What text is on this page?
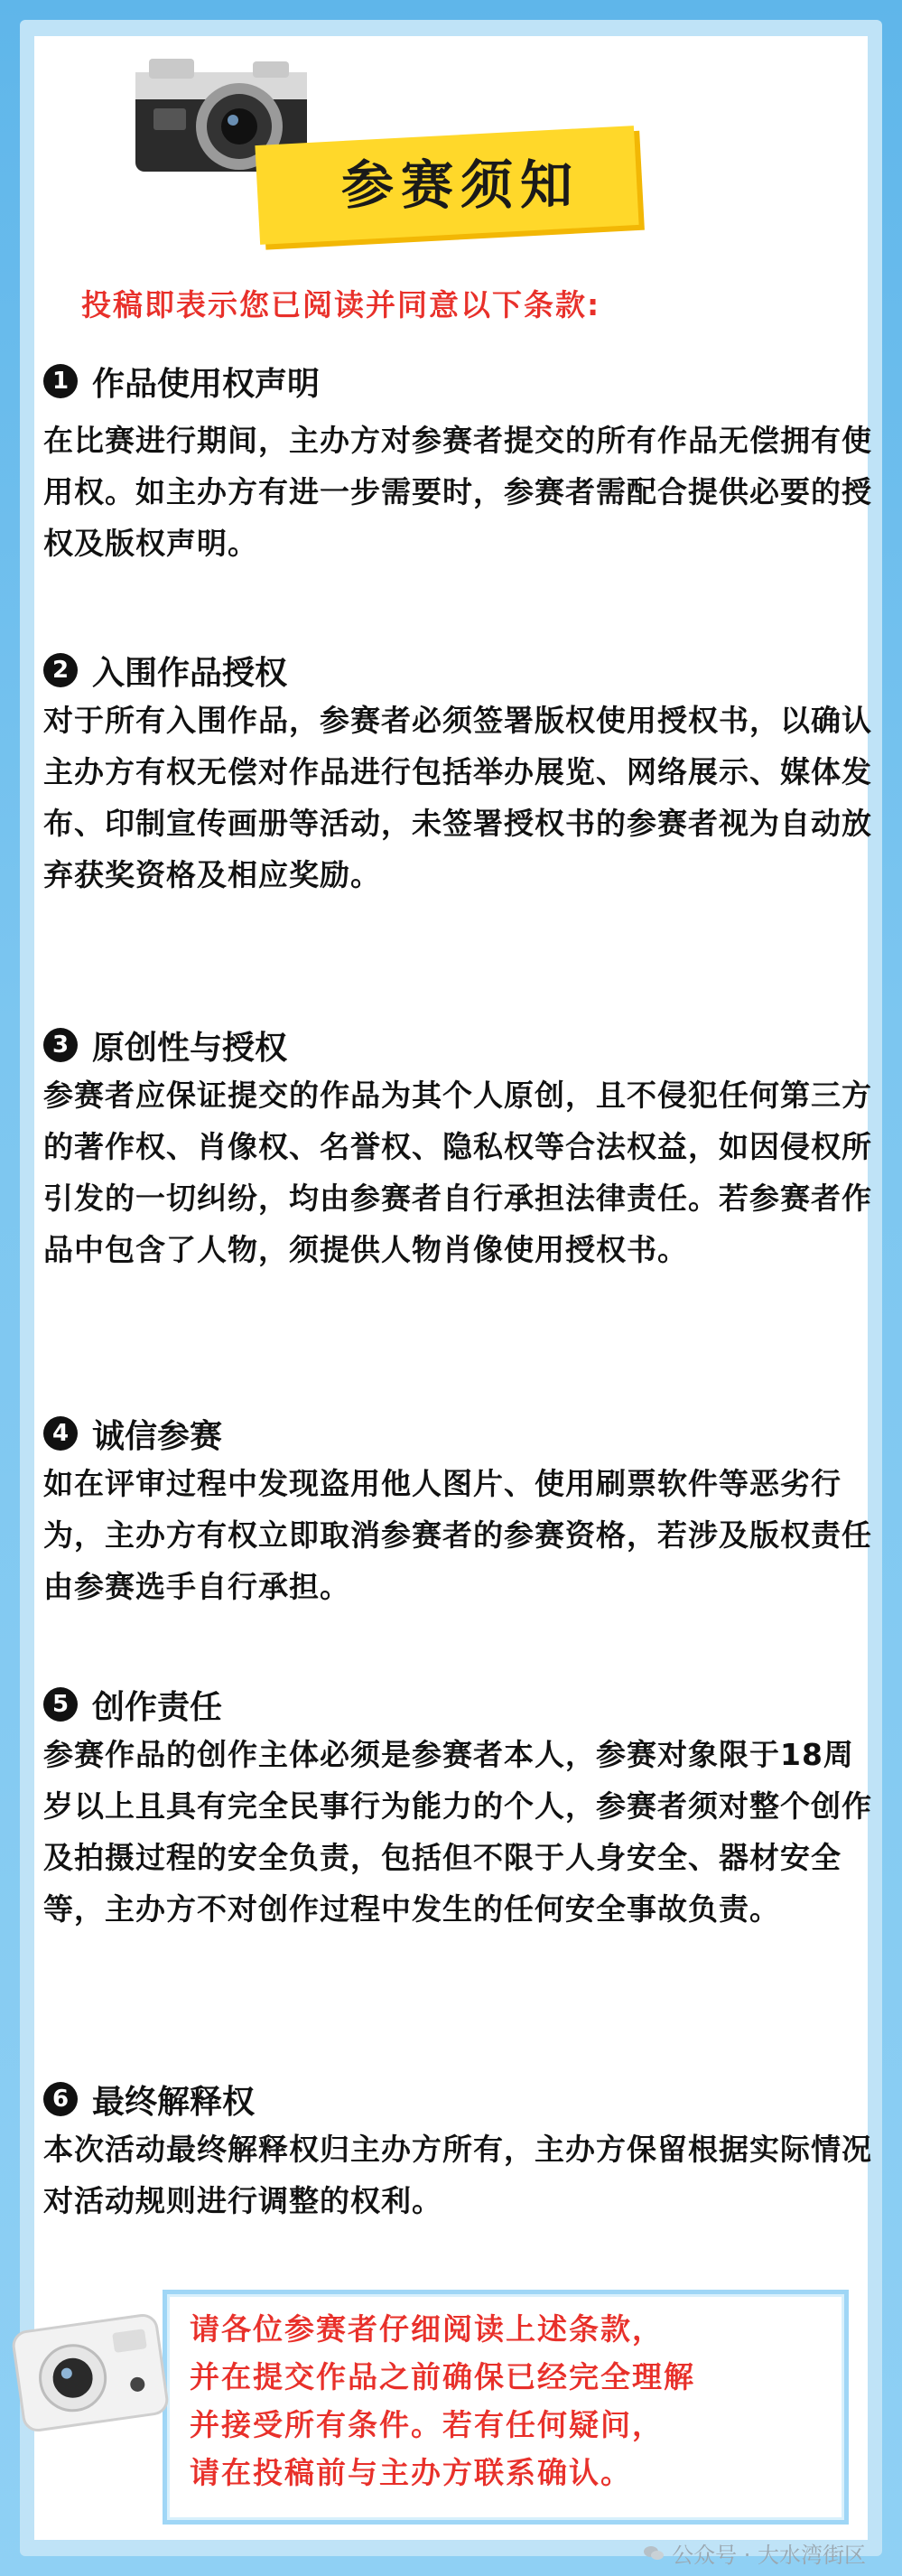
参赛须知
投稿即表示您已阅读并同意以下条款:
1 作品使用权声明
在比赛进行期间，主办方对参赛者提交的所有作品无偿拥有使用权。如主办方有进一步需要时，参赛者需配合提供必要的授权及版权声明。
2 入围作品授权
对于所有入围作品，参赛者必须签署版权使用授权书，以确认主办方有权无偿对作品进行包括举办展览、网络展示、媒体发布、印制宣传画册等活动，未签署授权书的参赛者视为自动放弃获奖资格及相应奖励。
3 原创性与授权
参赛者应保证提交的作品为其个人原创，且不侵犯任何第三方的著作权、肖像权、名誉权、隐私权等合法权益，如因侵权所引发的一切纠纷，均由参赛者自行承担法律责任。若参赛者作品中包含了人物，须提供人物肖像使用授权书。
4 诚信参赛
如在评审过程中发现盗用他人图片、使用刷票软件等恶劣行为，主办方有权立即取消参赛者的参赛资格，若涉及版权责任由参赛选手自行承担。
5 创作责任
参赛作品的创作主体必须是参赛者本人，参赛对象限于18周岁以上且具有完全民事行为能力的个人，参赛者须对整个创作及拍摄过程的安全负责，包括但不限于人身安全、器材安全等，主办方不对创作过程中发生的任何安全事故负责。
6 最终解释权
本次活动最终解释权归主办方所有，主办方保留根据实际情况对活动规则进行调整的权利。
请各位参赛者仔细阅读上述条款，
并在提交作品之前确保已经完全理解
并接受所有条件。若有任何疑问，
请在投稿前与主办方联系确认。
公众号 · 大水湾街区
